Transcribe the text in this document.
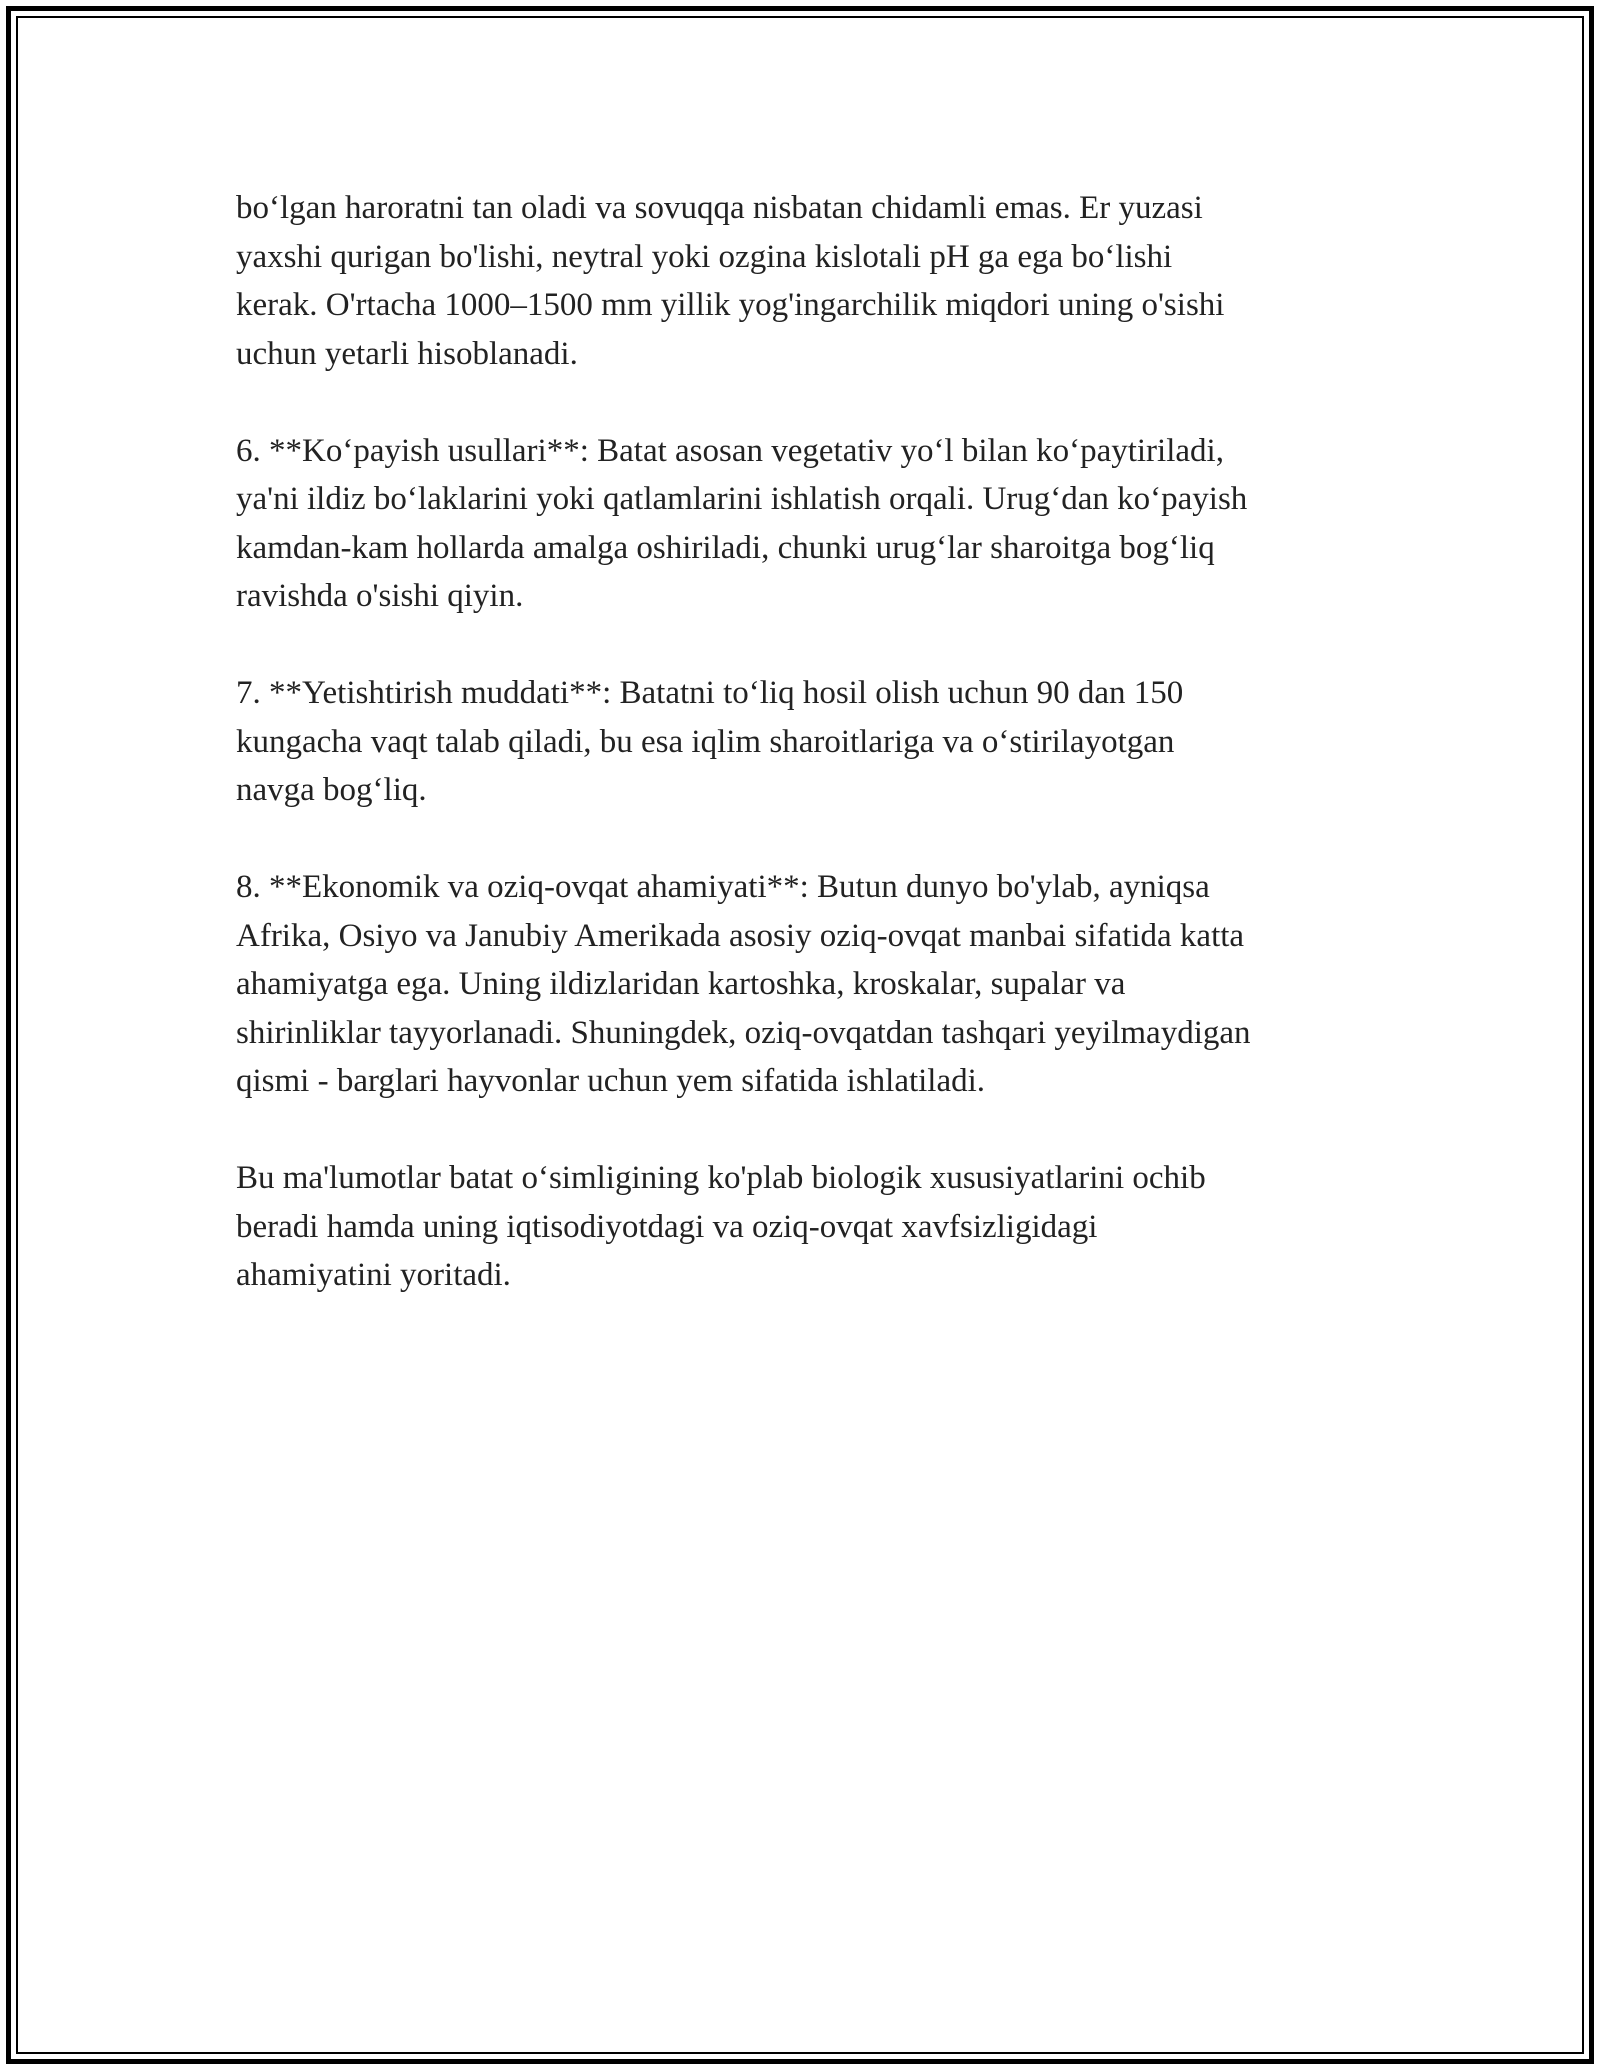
bo‘lgan haroratni tan oladi va sovuqqa nisbatan chidamli emas. Er yuzasi
yaxshi qurigan bo'lishi, neytral yoki ozgina kislotali pH ga ega bo‘lishi
kerak. O'rtacha 1000–1500 mm yillik yog'ingarchilik miqdori uning o'sishi
uchun yetarli hisoblanadi.

6. **Ko‘payish usullari**: Batat asosan vegetativ yo‘l bilan ko‘paytiriladi,
ya'ni ildiz bo‘laklarini yoki qatlamlarini ishlatish orqali. Urug‘dan ko‘payish
kamdan-kam hollarda amalga oshiriladi, chunki urug‘lar sharoitga bog‘liq
ravishda o'sishi qiyin.

7. **Yetishtirish muddati**: Batatni to‘liq hosil olish uchun 90 dan 150
kungacha vaqt talab qiladi, bu esa iqlim sharoitlariga va o‘stirilayotgan
navga bog‘liq.

8. **Ekonomik va oziq-ovqat ahamiyati**: Butun dunyo bo'ylab, ayniqsa
Afrika, Osiyo va Janubiy Amerikada asosiy oziq-ovqat manbai sifatida katta
ahamiyatga ega. Uning ildizlaridan kartoshka, kroskalar, supalar va
shirinliklar tayyorlanadi. Shuningdek, oziq-ovqatdan tashqari yeyilmaydigan
qismi - barglari hayvonlar uchun yem sifatida ishlatiladi.

Bu ma'lumotlar batat o‘simligining ko'plab biologik xususiyatlarini ochib
beradi hamda uning iqtisodiyotdagi va oziq-ovqat xavfsizligidagi
ahamiyatini yoritadi.
